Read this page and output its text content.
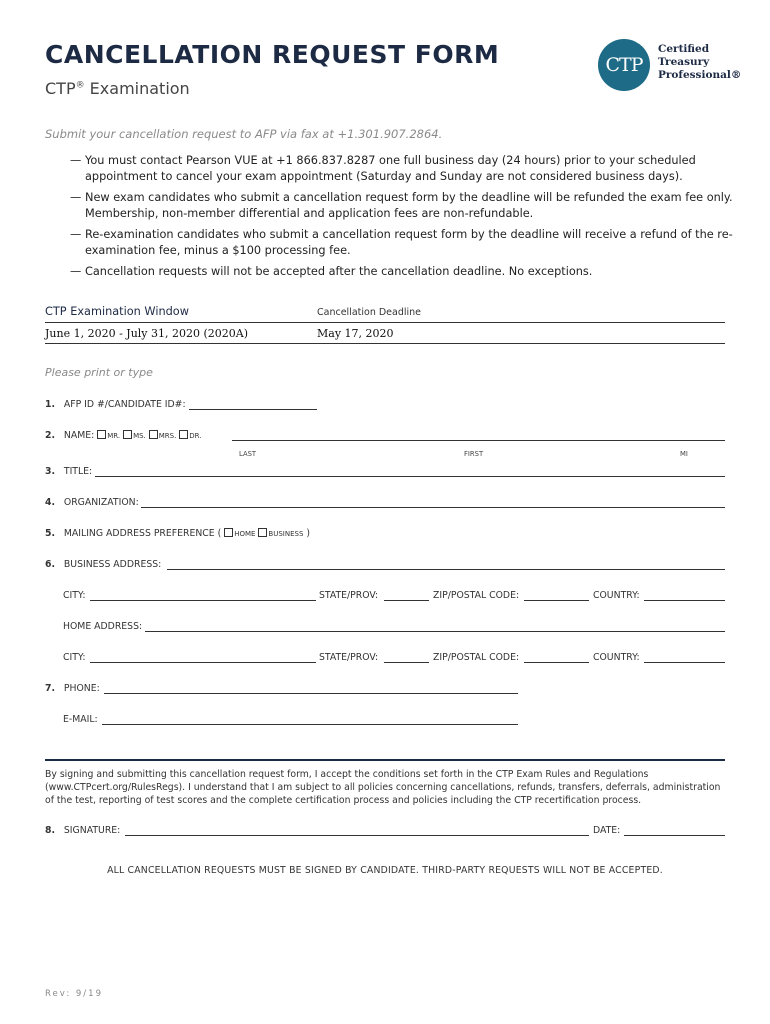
CANCELLATION REQUEST FORM
CTP® Examination
CTP
Certified
Treasury
Professional®
Submit your cancellation request to AFP via fax at +1.301.907.2864.
— You must contact Pearson VUE at +1 866.837.8287 one full business day (24 hours) prior to your scheduled appointment to cancel your exam appointment (Saturday and Sunday are not considered business days).
— New exam candidates who submit a cancellation request form by the deadline will be refunded the exam fee only. Membership, non-member differential and application fees are non-refundable.
— Re-examination candidates who submit a cancellation request form by the deadline will receive a refund of the re-examination fee, minus a $100 processing fee.
— Cancellation requests will not be accepted after the cancellation deadline. No exceptions.
CTP Examination Window	Cancellation Deadline
June 1, 2020 - July 31, 2020 (2020A)	May 17, 2020
Please print or type
1. AFP ID #/CANDIDATE ID#:
2. NAME: MR. MS. MRS. DR.
LAST	FIRST	MI
3. TITLE:
4. ORGANIZATION:
5. MAILING ADDRESS PREFERENCE ( HOME BUSINESS )
6. BUSINESS ADDRESS:
CITY:	STATE/PROV:	ZIP/POSTAL CODE:	COUNTRY:
HOME ADDRESS:
CITY:	STATE/PROV:	ZIP/POSTAL CODE:	COUNTRY:
7. PHONE:
E-MAIL:
By signing and submitting this cancellation request form, I accept the conditions set forth in the CTP Exam Rules and Regulations (www.CTPcert.org/RulesRegs). I understand that I am subject to all policies concerning cancellations, refunds, transfers, deferrals, administration of the test, reporting of test scores and the complete certification process and policies including the CTP recertification process.
8. SIGNATURE:	DATE:
ALL CANCELLATION REQUESTS MUST BE SIGNED BY CANDIDATE. THIRD-PARTY REQUESTS WILL NOT BE ACCEPTED.
Rev: 9/19
